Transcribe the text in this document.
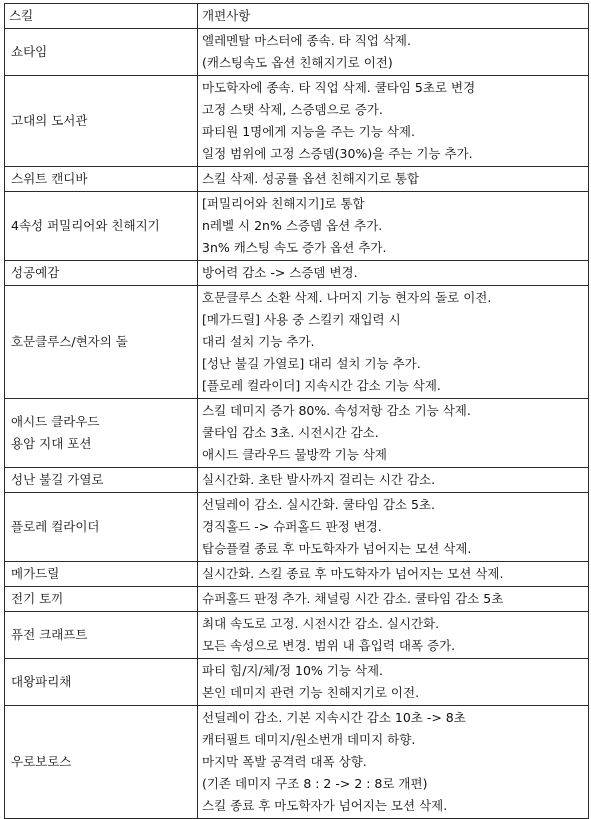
스킬	개편사항

쇼타임	엘레멘탈 마스터에 종속. 타 직업 삭제.
(캐스팅속도 옵션 친해지기로 이전)

고대의 도서관	마도학자에 종속. 타 직업 삭제. 쿨타임 5초로 변경
고정 스탯 삭제, 스증뎀으로 증가.
파티원 1명에게 지능을 주는 기능 삭제.
일정 범위에 고정 스증뎀(30%)을 주는 기능 추가.

스위트 캔디바	스킬 삭제. 성공률 옵션 친해지기로 통합

4속성 퍼밀리어와 친해지기	[퍼밀리어와 친해지기]로 통합
n레벨 시 2n% 스증뎀 옵션 추가.
3n% 캐스팅 속도 증가 옵션 추가.

성공예감	방어력 감소 -> 스증뎀 변경.

호문클루스/현자의 돌	호문클루스 소환 삭제. 나머지 기능 현자의 돌로 이전.
[메가드릴] 사용 중 스킬키 재입력 시
대리 설치 기능 추가.
[성난 불길 가열로] 대리 설치 기능 추가.
[플로레 컬라이더] 지속시간 감소 기능 삭제.

애시드 클라우드
용암 지대 포션	스킬 데미지 증가 80%. 속성저항 감소 기능 삭제.
쿨타임 감소 3초. 시전시간 감소.
애시드 클라우드 물방깍 기능 삭제

성난 불길 가열로	실시간화. 초탄 발사까지 걸리는 시간 감소.

플로레 컬라이더	선딜레이 감소. 실시간화. 쿨타임 감소 5초.
경직홀드 -> 슈퍼홀드 판정 변경.
탑승플컬 종료 후 마도학자가 넘어지는 모션 삭제.

메가드릴	실시간화. 스킬 종료 후 마도학자가 넘어지는 모션 삭제.

전기 토끼	슈퍼홀드 판정 추가. 채널링 시간 감소. 쿨타임 감소 5초

퓨전 크래프트	최대 속도로 고정. 시전시간 감소. 실시간화.
모든 속성으로 변경. 범위 내 흡입력 대폭 증가.

대왕파리채	파티 힘/지/체/정 10% 기능 삭제.
본인 데미지 관련 기능 친해지기로 이전.

우로보로스	선딜레이 감소. 기본 지속시간 감소 10초 -> 8초
캐터필트 데미지/원소번개 데미지 하향.
마지막 폭발 공격력 대폭 상향.
(기존 데미지 구조 8 : 2 -> 2 : 8로 개편)
스킬 종료 후 마도학자가 넘어지는 모션 삭제.
